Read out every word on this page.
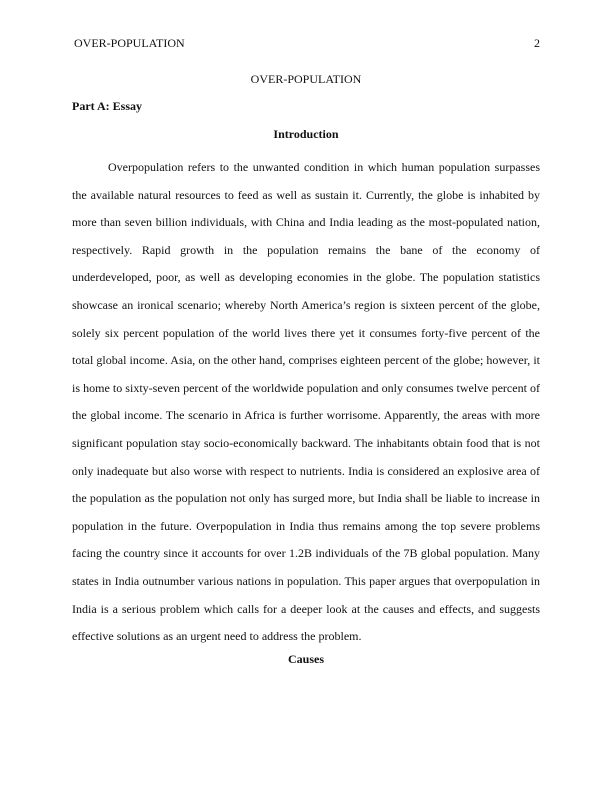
OVER-POPULATION	2
OVER-POPULATION
Part A: Essay
Introduction

Overpopulation refers to the unwanted condition in which human population surpasses the available natural resources to feed as well as sustain it. Currently, the globe is inhabited by more than seven billion individuals, with China and India leading as the most-populated nation, respectively. Rapid growth in the population remains the bane of the economy of underdeveloped, poor, as well as developing economies in the globe. The population statistics showcase an ironical scenario; whereby North America’s region is sixteen percent of the globe, solely six percent population of the world lives there yet it consumes forty-five percent of the total global income. Asia, on the other hand, comprises eighteen percent of the globe; however, it is home to sixty-seven percent of the worldwide population and only consumes twelve percent of the global income. The scenario in Africa is further worrisome. Apparently, the areas with more significant population stay socio-economically backward. The inhabitants obtain food that is not only inadequate but also worse with respect to nutrients. India is considered an explosive area of the population as the population not only has surged more, but India shall be liable to increase in population in the future. Overpopulation in India thus remains among the top severe problems facing the country since it accounts for over 1.2B individuals of the 7B global population. Many states in India outnumber various nations in population. This paper argues that overpopulation in India is a serious problem which calls for a deeper look at the causes and effects, and suggests effective solutions as an urgent need to address the problem.

Causes
